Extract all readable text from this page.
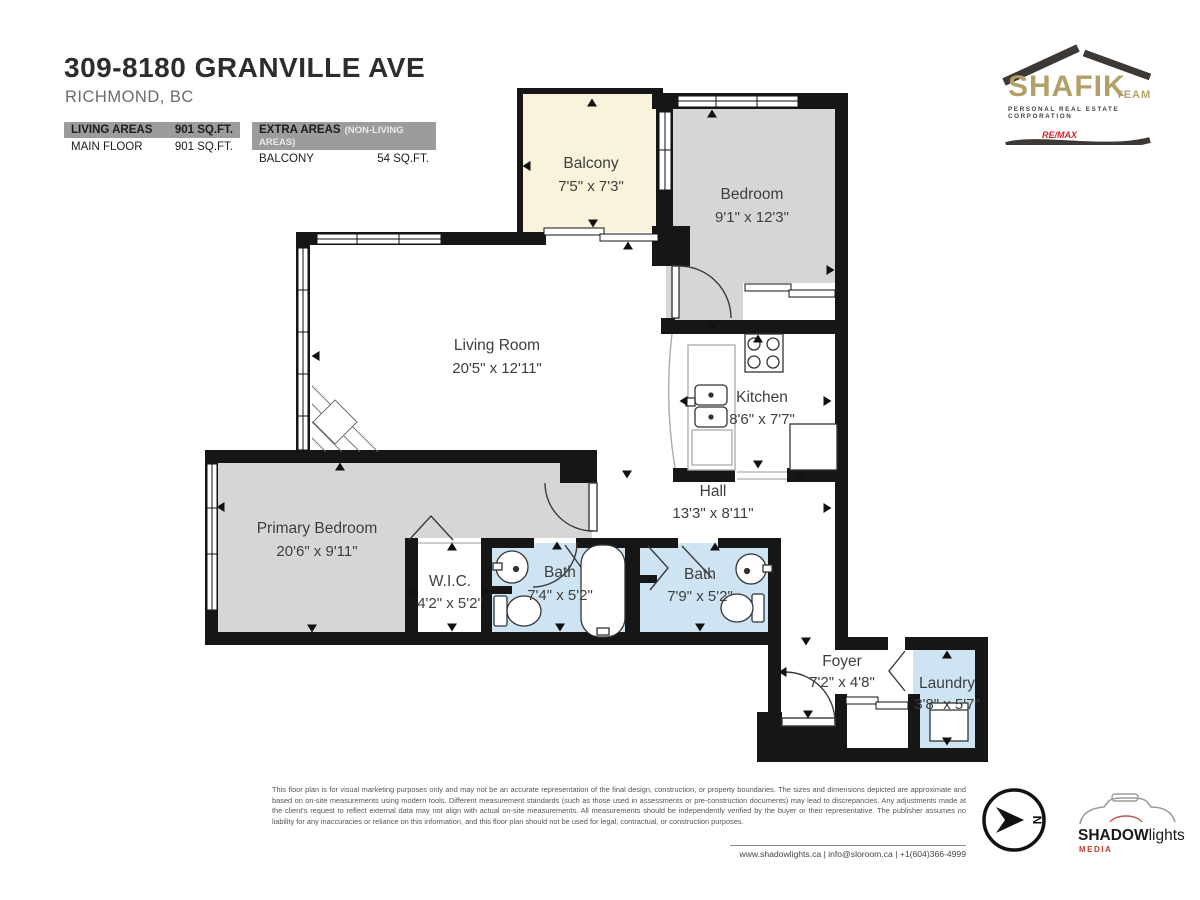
309-8180 GRANVILLE AVE
RICHMOND, BC
LIVING AREAS 901 SQ.FT.
MAIN FLOOR	901 SQ.FT.
EXTRA AREAS (NON-LIVING AREAS)
BALCONY	54 SQ.FT.
SHAFIK
TEAM
PERSONAL REAL ESTATE CORPORATION
RE/MAX
Balcony
7'5" x 7'3"	Bedroom
9'1" x 12'3"
Living Room
20'5" x 12'11"
Kitchen
8'6" x 7'7"
Hall
13'3" x 8'11"
Primary Bedroom
20'6" x 9'11"
W.I.C.
4'2" x 5'2"
Bath
7'4" x 5'2"
Bath
7'9" x 5'2"
Foyer
7'2" x 4'8"	Laundry
3'8" x 5'7"
N
SHADOWlights
MEDIA
This floor plan is for visual marketing purposes only and may not be an accurate representation of the final design, construction, or property boundaries. The sizes and dimensions depicted are approximate and based on on-site measurements using modern tools. Different measurement standards (such as those used in assessments or pre-construction documents) may lead to discrepancies. Any adjustments made at the client's request to reflect external data may not align with actual on-site measurements. All measurements should be independently verified by the buyer or their representative. The publisher assumes no liability for any inaccuracies or reliance on this information, and this floor plan should not be used for legal, contractual, or construction purposes.
www.shadowlights.ca | info@sloroom.ca | +1(604)366-4999
